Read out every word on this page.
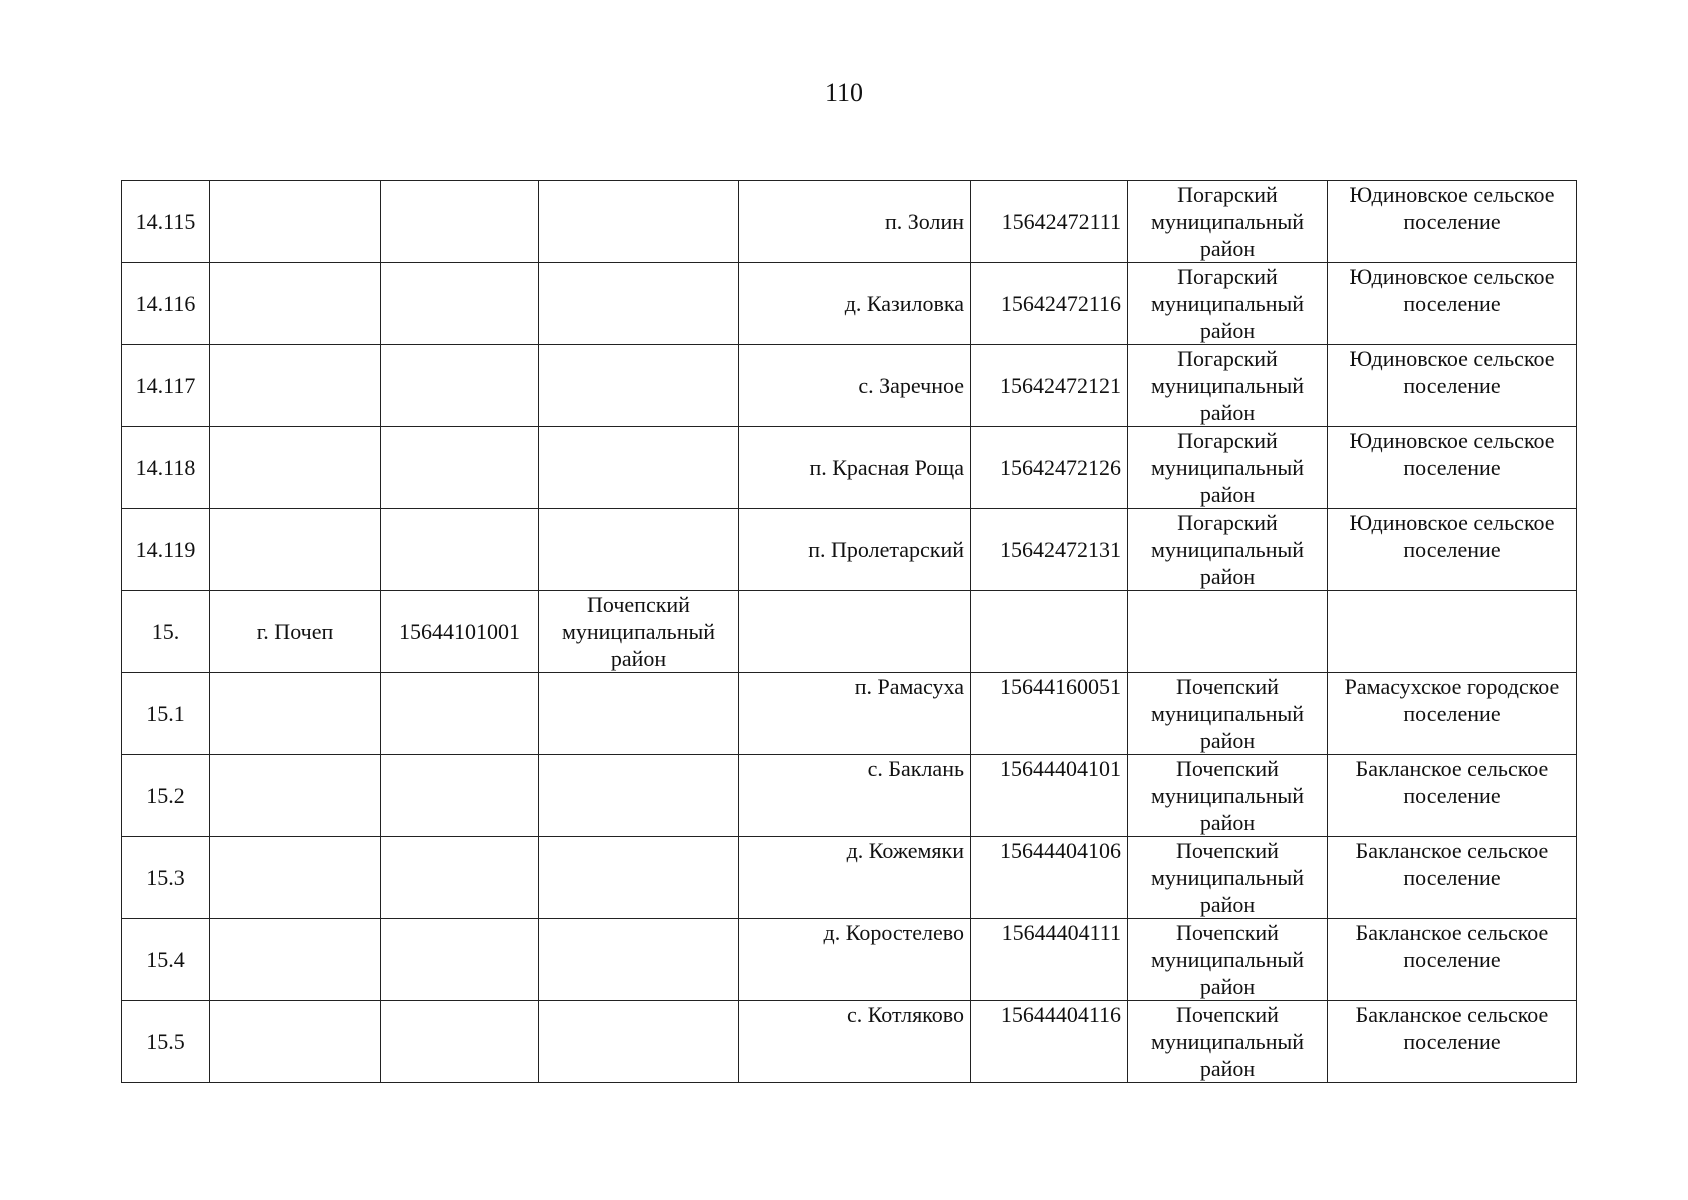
110
14.115				п. Золин	15642472111	Погарский муниципальный район	Юдиновское сельское поселение
14.116				д. Казиловка	15642472116	Погарский муниципальный район	Юдиновское сельское поселение
14.117				с. Заречное	15642472121	Погарский муниципальный район	Юдиновское сельское поселение
14.118				п. Красная Роща	15642472126	Погарский муниципальный район	Юдиновское сельское поселение
14.119				п. Пролетарский	15642472131	Погарский муниципальный район	Юдиновское сельское поселение
15.	г. Почеп	15644101001	Почепский муниципальный район				
15.1				п. Рамасуха	15644160051	Почепский муниципальный район	Рамасухское городское поселение
15.2				с. Баклань	15644404101	Почепский муниципальный район	Бакланское сельское поселение
15.3				д. Кожемяки	15644404106	Почепский муниципальный район	Бакланское сельское поселение
15.4				д. Коростелево	15644404111	Почепский муниципальный район	Бакланское сельское поселение
15.5				с. Котляково	15644404116	Почепский муниципальный район	Бакланское сельское поселение
